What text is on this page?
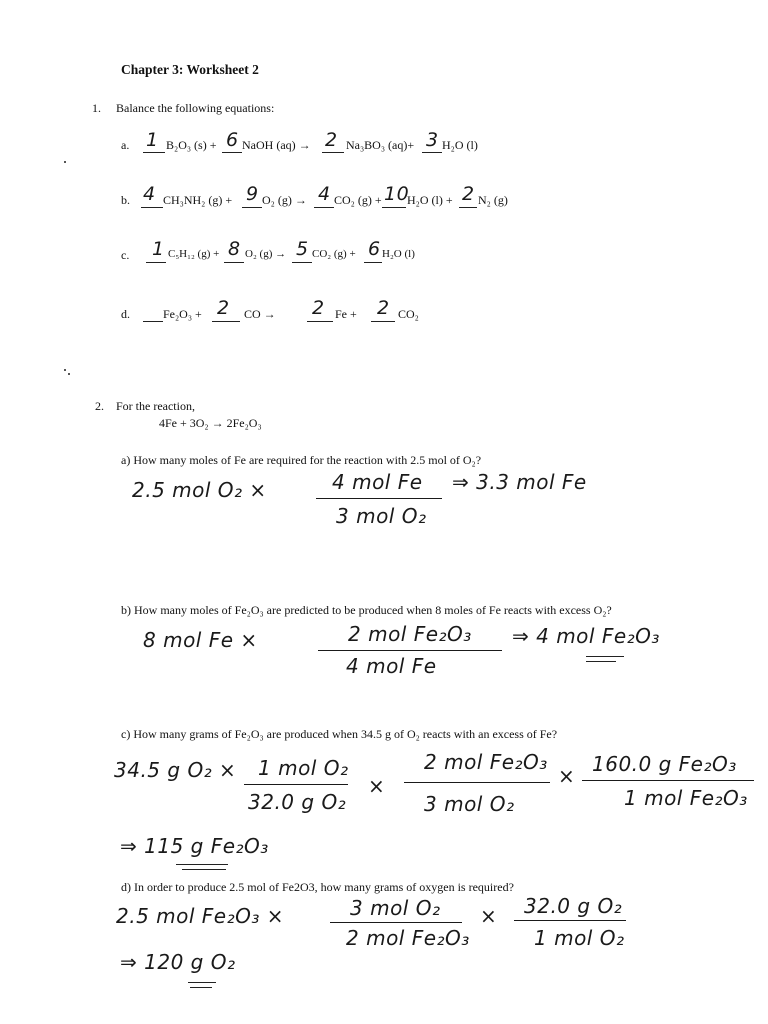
Chapter 3: Worksheet 2
1. Balance the following equations:
a. 1 B₂O₃ (s) + 6 NaOH (aq) → 2 Na₃BO₃ (aq)+ 3 H₂O (l)
b. 4 CH₃NH₂ (g) + 9 O₂ (g) → 4 CO₂ (g) + 10
H₂O (l) + 2 N₂ (g)
c. 1 C₅H₁₂ (g) + 8 O₂ (g) → 5 CO₂ (g) + 6 H₂O (l)
d.	Fe₂O₃ + 2 CO → 2 Fe + 2 CO₂
2. For the reaction,
4Fe + 3O₂ → 2Fe₂O₃
a) How many moles of Fe are required for the reaction with 2.5 mol of O₂?
2.5 mol O₂ ×	4 mol Fe
3 mol O₂
⇒ 3.3 mol Fe
b) How many moles of Fe₂O₃ are predicted to be produced when 8 moles of Fe reacts with excess O₂?
8 mol Fe ×	2 mol Fe₂O₃
4 mol Fe
⇒ 4 mol Fe₂O₃
c) How many grams of Fe₂O₃ are produced when 34.5 g of O₂ reacts with an excess of Fe?
34.5 g O₂ × 1 mol O₂
32.0 g O₂
×
2 mol Fe₂O₃
3 mol O₂
× 160.0 g Fe₂O₃
1 mol Fe₂O₃
⇒ 115 g Fe₂O₃
d) In order to produce 2.5 mol of Fe2O3, how many grams of oxygen is required?
2.5 mol Fe₂O₃ ×	3 mol O₂
2 mol Fe₂O₃
× 32.0 g O₂
1 mol O₂
⇒ 120 g O₂
